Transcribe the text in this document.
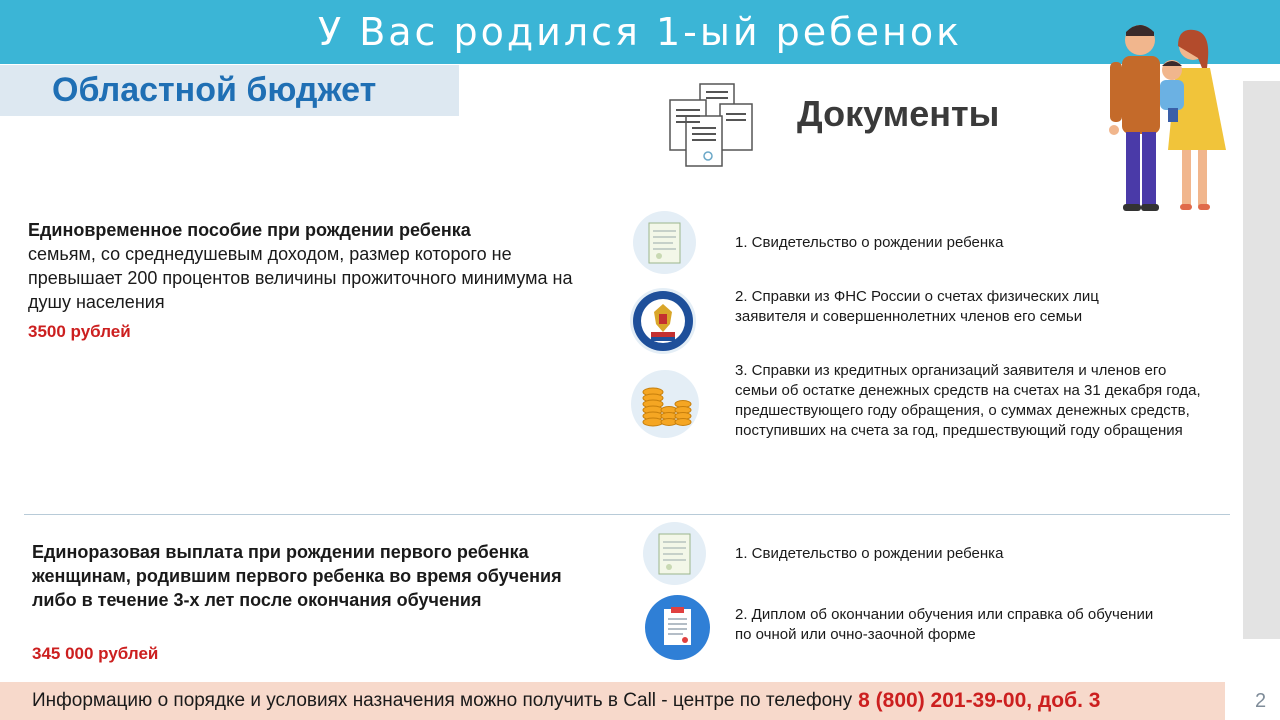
У Вас родился 1-ый ребенок
Областной бюджет
Документы
Единовременное пособие при рождении ребенка
семьям, со среднедушевым доходом, размер которого не превышает 200 процентов величины прожиточного минимума на душу населения
3500 рублей
1. Свидетельство о рождении ребенка
2. Справки из ФНС России о счетах физических лиц заявителя и совершеннолетних членов его семьи
3. Справки из кредитных организаций заявителя и членов его семьи об остатке денежных средств на счетах на 31 декабря года, предшествующего году обращения, о суммах денежных средств, поступивших на счета за год, предшествующий году обращения
Единоразовая выплата при рождении первого ребенка женщинам, родившим первого ребенка во время обучения либо в течение 3-х лет после окончания обучения
345 000 рублей
1. Свидетельство о рождении ребенка
2. Диплом об окончании обучения или справка об обучении по очной или очно-заочной форме
Информацию о порядке и условиях назначения можно получить в Call - центре по телефону 8 (800) 201-39-00, доб. 3	2
